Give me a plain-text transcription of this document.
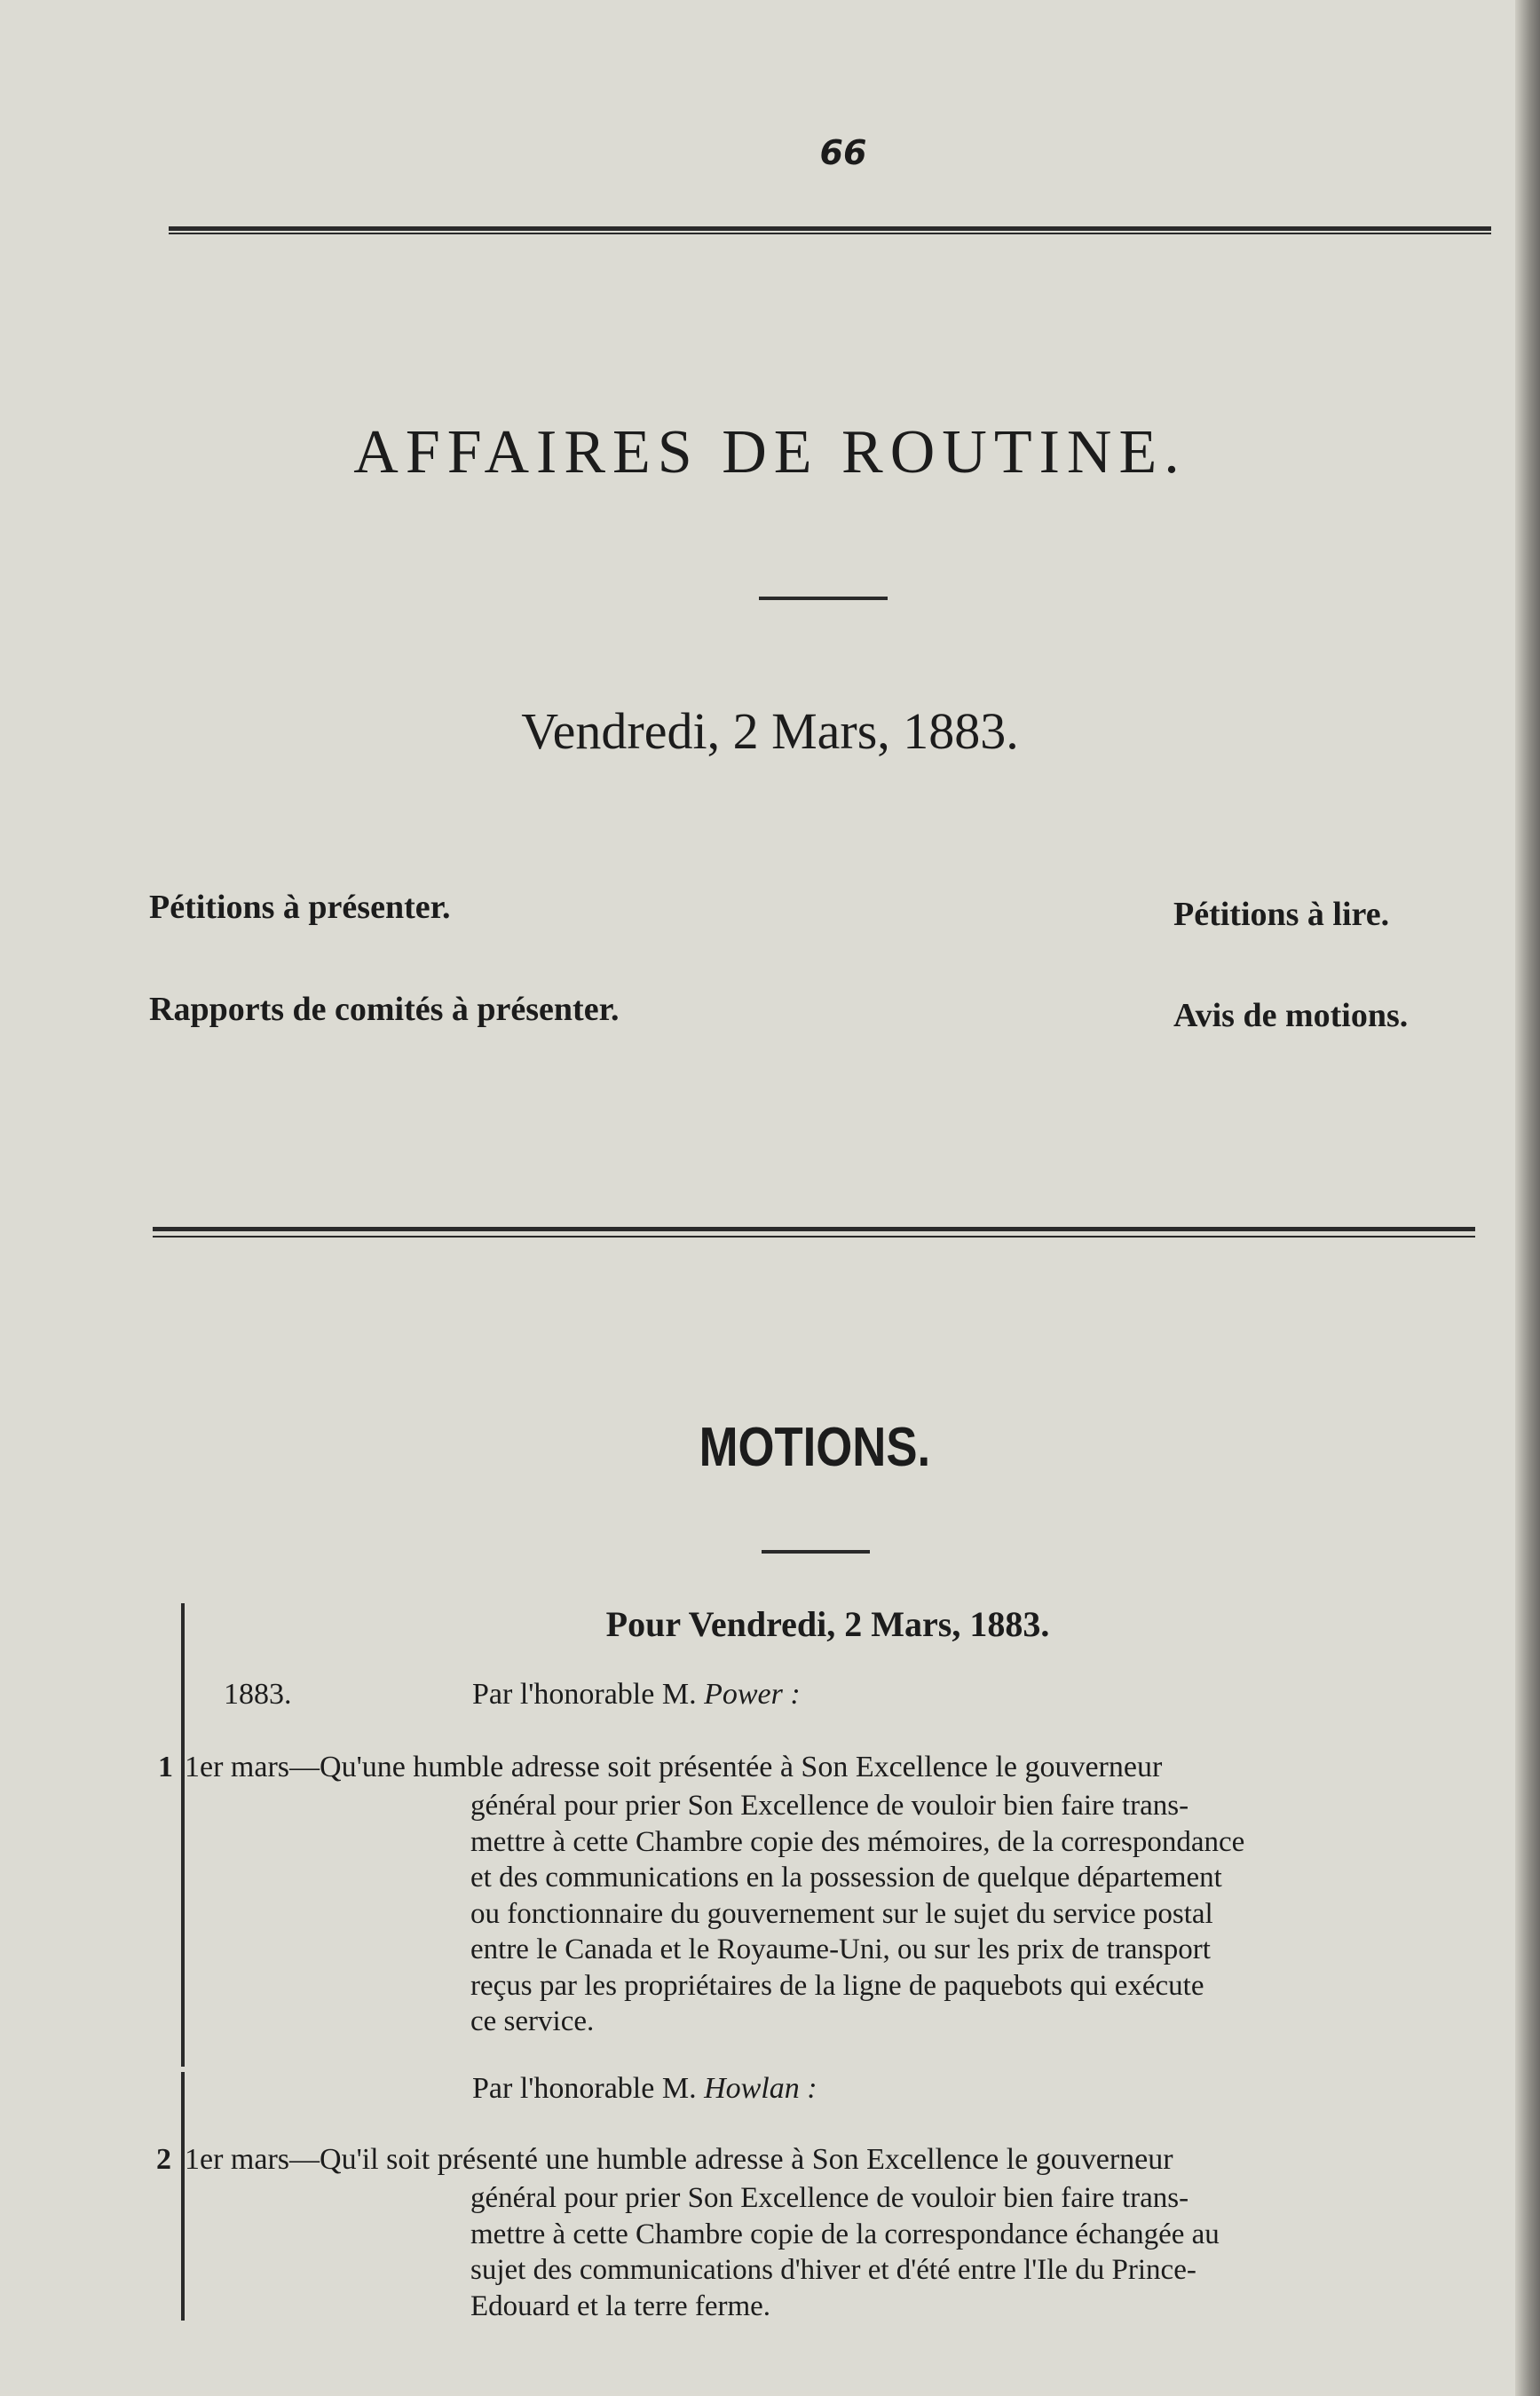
66
AFFAIRES DE ROUTINE.
Vendredi, 2 Mars, 1883.
Pétitions à présenter.	Pétitions à lire.
Rapports de comités à présenter.	Avis de motions.
MOTIONS.
Pour Vendredi, 2 Mars, 1883.
1883.	Par l'honorable M. Power :
1 1er mars—Qu'une humble adresse soit présentée à Son Excellence le gouverneur
général pour prier Son Excellence de vouloir bien faire trans-
mettre à cette Chambre copie des mémoires, de la correspondance
et des communications en la possession de quelque département
ou fonctionnaire du gouvernement sur le sujet du service postal
entre le Canada et le Royaume-Uni, ou sur les prix de transport
reçus par les propriétaires de la ligne de paquebots qui exécute
ce service.
Par l'honorable M. Howlan :
2 1er mars—Qu'il soit présenté une humble adresse à Son Excellence le gouverneur
général pour prier Son Excellence de vouloir bien faire trans-
mettre à cette Chambre copie de la correspondance échangée au
sujet des communications d'hiver et d'été entre l'Ile du Prince-
Edouard et la terre ferme.
